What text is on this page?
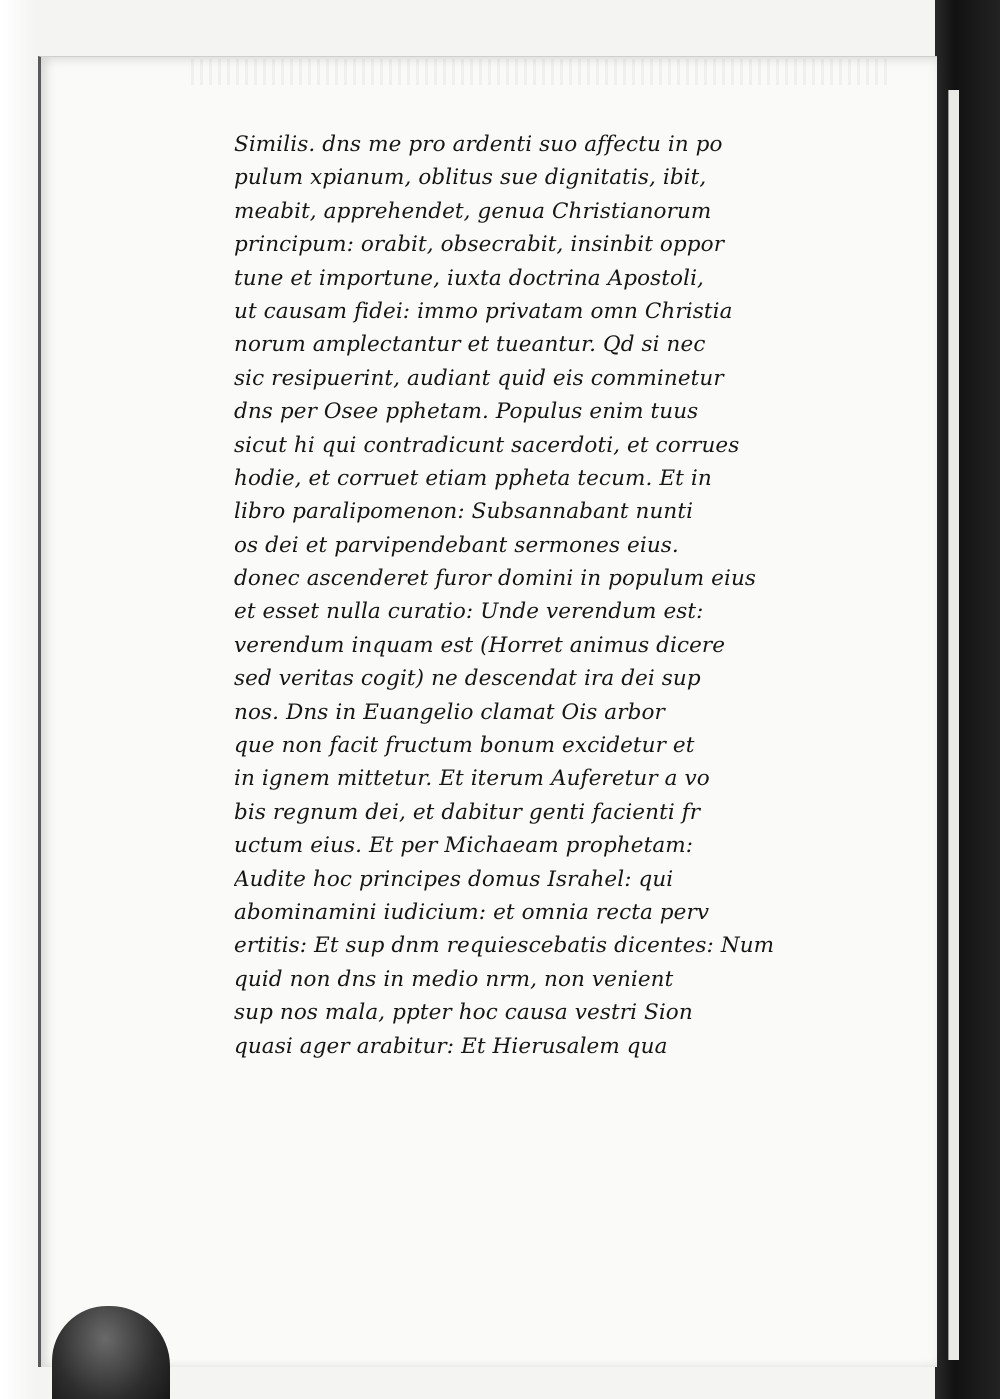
Similis. dns me pro ardenti suo affectu in po
pulum xpianum, oblitus sue dignitatis, ibit,
meabit, apprehendet, genua Christianorum
principum: orabit, obsecrabit, insinbit oppor
tune et importune, iuxta doctrina Apostoli,
ut causam fidei: immo privatam omn Christia
norum amplectantur et tueantur. Qd si nec
sic resipuerint, audiant quid eis comminetur
dns per Osee pphetam. Populus enim tuus
sicut hi qui contradicunt sacerdoti, et corrues
hodie, et corruet etiam ppheta tecum. Et in
libro paralipomenon: Subsannabant nunti
os dei et parvipendebant sermones eius.
donec ascenderet furor domini in populum eius
et esset nulla curatio: Unde verendum est:
verendum inquam est (Horret animus dicere
sed veritas cogit) ne descendat ira dei sup
nos. Dns in Euangelio clamat Ois arbor
que non facit fructum bonum excidetur et
in ignem mittetur. Et iterum Auferetur a vo
bis regnum dei, et dabitur genti facienti fr
uctum eius. Et per Michaeam prophetam:
Audite hoc principes domus Israhel: qui
abominamini iudicium: et omnia recta perv
ertitis: Et sup dnm requiescebatis dicentes: Num
quid non dns in medio nrm, non venient
sup nos mala, ppter hoc causa vestri Sion
quasi ager arabitur: Et Hierusalem qua
